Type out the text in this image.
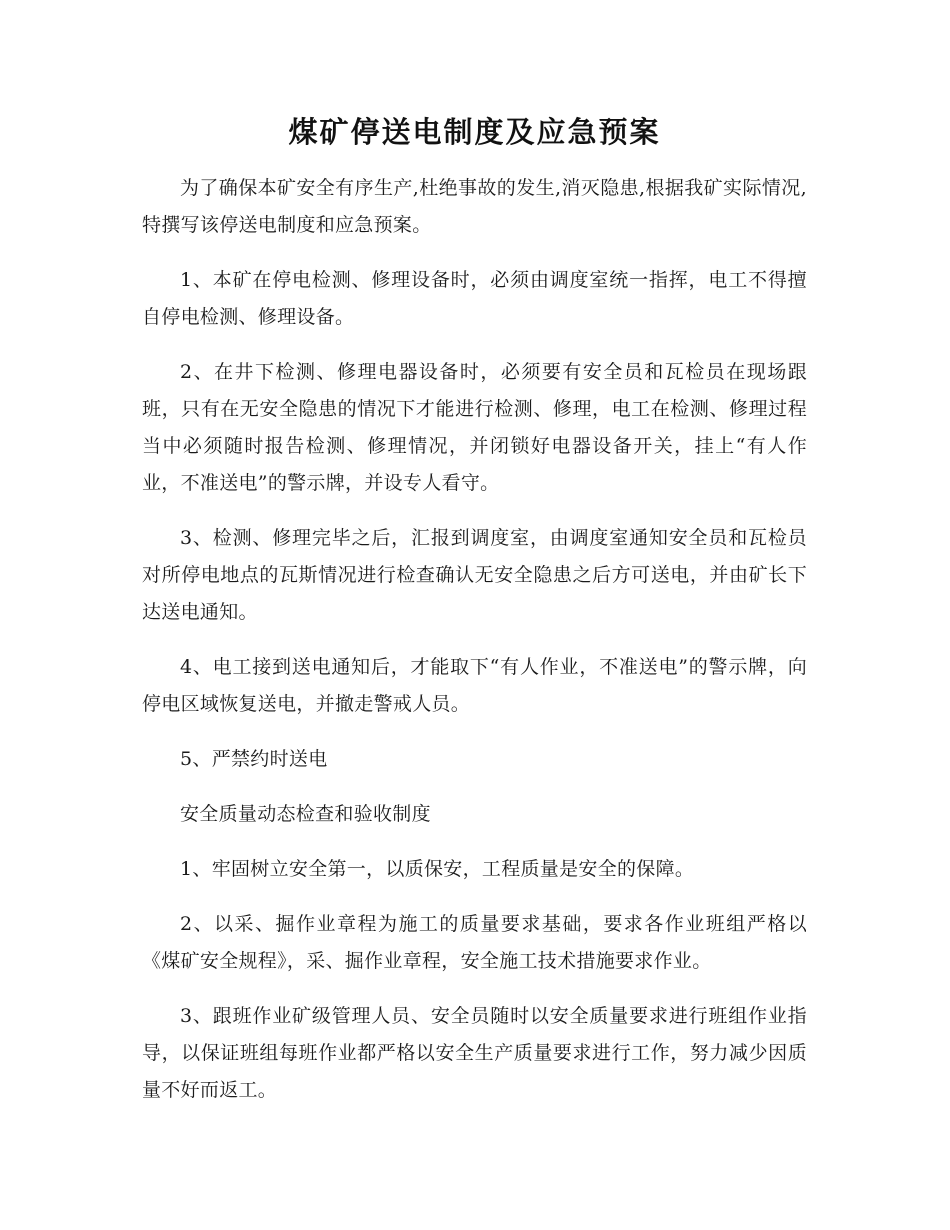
煤矿停送电制度及应急预案

为了确保本矿安全有序生产,杜绝事故的发生,消灭隐患,根据我矿实际情况,特撰写该停送电制度和应急预案。

1、本矿在停电检测、修理设备时，必须由调度室统一指挥，电工不得擅自停电检测、修理设备。

2、在井下检测、修理电器设备时，必须要有安全员和瓦检员在现场跟班，只有在无安全隐患的情况下才能进行检测、修理，电工在检测、修理过程当中必须随时报告检测、修理情况，并闭锁好电器设备开关，挂上“有人作业，不准送电”的警示牌，并设专人看守。

3、检测、修理完毕之后，汇报到调度室，由调度室通知安全员和瓦检员对所停电地点的瓦斯情况进行检查确认无安全隐患之后方可送电，并由矿长下达送电通知。

4、电工接到送电通知后，才能取下“有人作业，不准送电”的警示牌，向停电区域恢复送电，并撤走警戒人员。

5、严禁约时送电

安全质量动态检查和验收制度

1、牢固树立安全第一，以质保安，工程质量是安全的保障。

2、以采、掘作业章程为施工的质量要求基础，要求各作业班组严格以《煤矿安全规程》，采、掘作业章程，安全施工技术措施要求作业。

3、跟班作业矿级管理人员、安全员随时以安全质量要求进行班组作业指导，以保证班组每班作业都严格以安全生产质量要求进行工作，努力减少因质量不好而返工。
